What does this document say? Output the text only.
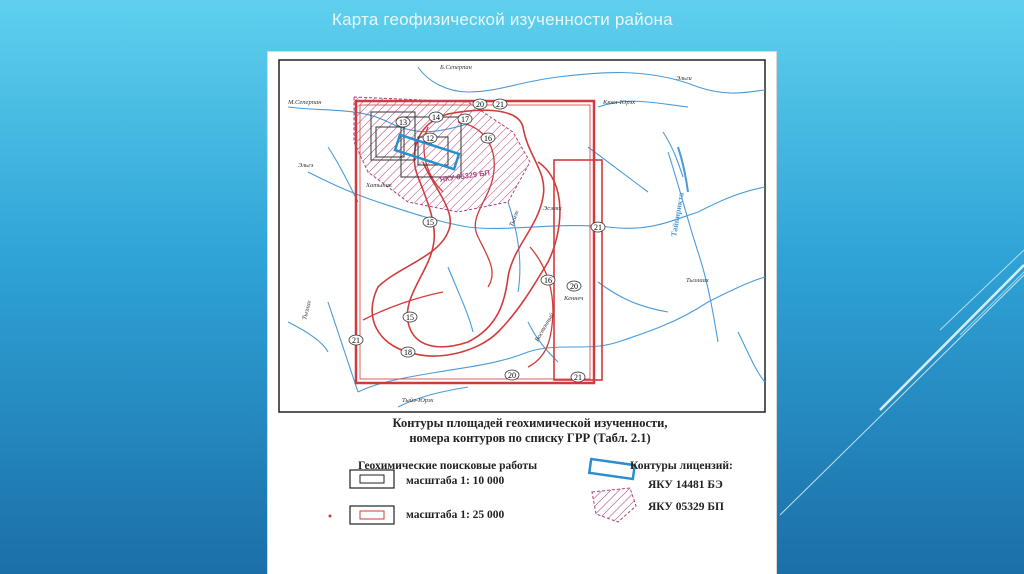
Карта геофизической изученности района
20 21
13
14	17
12	16
15
21
16
20
15
21
18
20	21
Б.Сеперпан
М.Сеперпан
Эльги
Кюел-Юрэх
Хатыпак
Эльгэ
Эсэлях	Тайпирикта
Тыэлаах
Кеннеч
Тыйэх
Тыйэ-Юрэх
Тыэлах
Восточный
ЯКУ 05329 БП
Контуры площадей геохимической изученности,
номера контуров по списку ГРР (Табл. 2.1)
Геохимические поисковые работы
масштаба 1: 10 000
масштаба 1: 25 000
Контуры лицензий:
ЯКУ 14481 БЭ
ЯКУ 05329 БП
